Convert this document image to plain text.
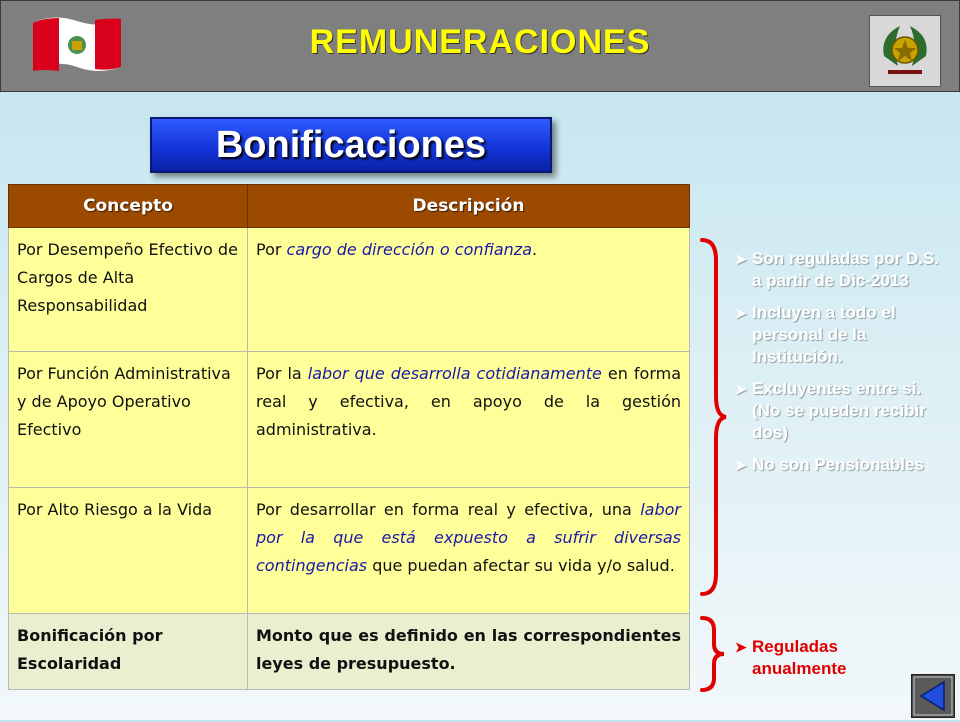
REMUNERACIONES
Bonificaciones
Concepto	Descripción
Por Desempeño Efectivo de Cargos de Alta Responsabilidad	Por cargo de dirección o confianza.
Por Función Administrativa y de Apoyo Operativo Efectivo	Por la labor que desarrolla cotidianamente en forma real y efectiva, en apoyo de la gestión administrativa.
Por Alto Riesgo a la Vida	Por desarrollar en forma real y efectiva, una labor por la que está expuesto a sufrir diversas contingencias que puedan afectar su vida y/o salud.
Bonificación por Escolaridad	Monto que es definido en las correspondientes leyes de presupuesto.
➤ Son reguladas por D.S. a partir de Dic-2013
➤ Incluyen a todo el personal de la Institución.
➤ Excluyentes entre si. (No se pueden recibir dos)
➤ No son Pensionables
➤ Reguladas anualmente
